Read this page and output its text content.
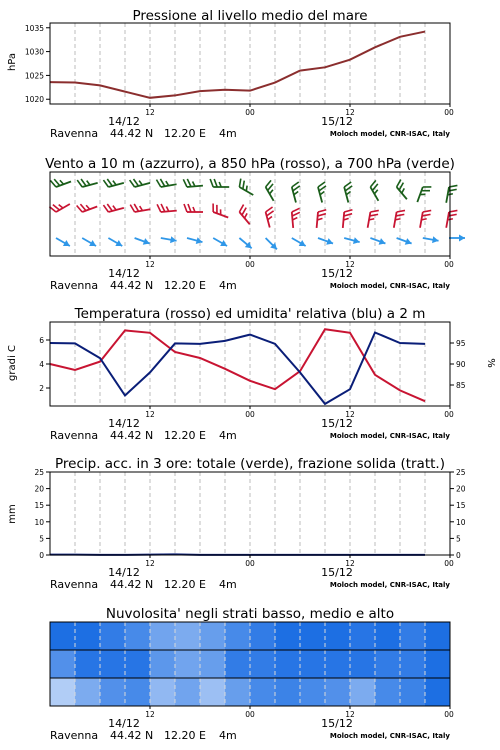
Pressione al livello medio del mare
1020
1025
1030
1035
hPa
Vento a 10 m (azzurro), a 850 hPa (rosso), a 700 hPa (verde)
Temperatura (rosso) ed umidita' relativa (blu) a 2 m
2
4
6
85
90
95
gradi C	%
Precip. acc. in 3 ore: totale (verde), frazione solida (tratt.)
0	0
5	5
10	10
15	15
20	20
25	25
mm
Nuvolosita' negli strati basso, medio e alto
12	00	12	00
14/12	15/12
Ravenna 44.42 N 12.20 E 4m	Moloch model, CNR-ISAC, Italy
12	00	12	00
14/12	15/12
Ravenna 44.42 N 12.20 E 4m	Moloch model, CNR-ISAC, Italy
12	00	12	00
14/12	15/12
Ravenna 44.42 N 12.20 E 4m	Moloch model, CNR-ISAC, Italy
12	00	12	00
14/12	15/12
Ravenna 44.42 N 12.20 E 4m	Moloch model, CNR-ISAC, Italy
12	00	12	00
14/12	15/12
Ravenna 44.42 N 12.20 E 4m	Moloch model, CNR-ISAC, Italy
